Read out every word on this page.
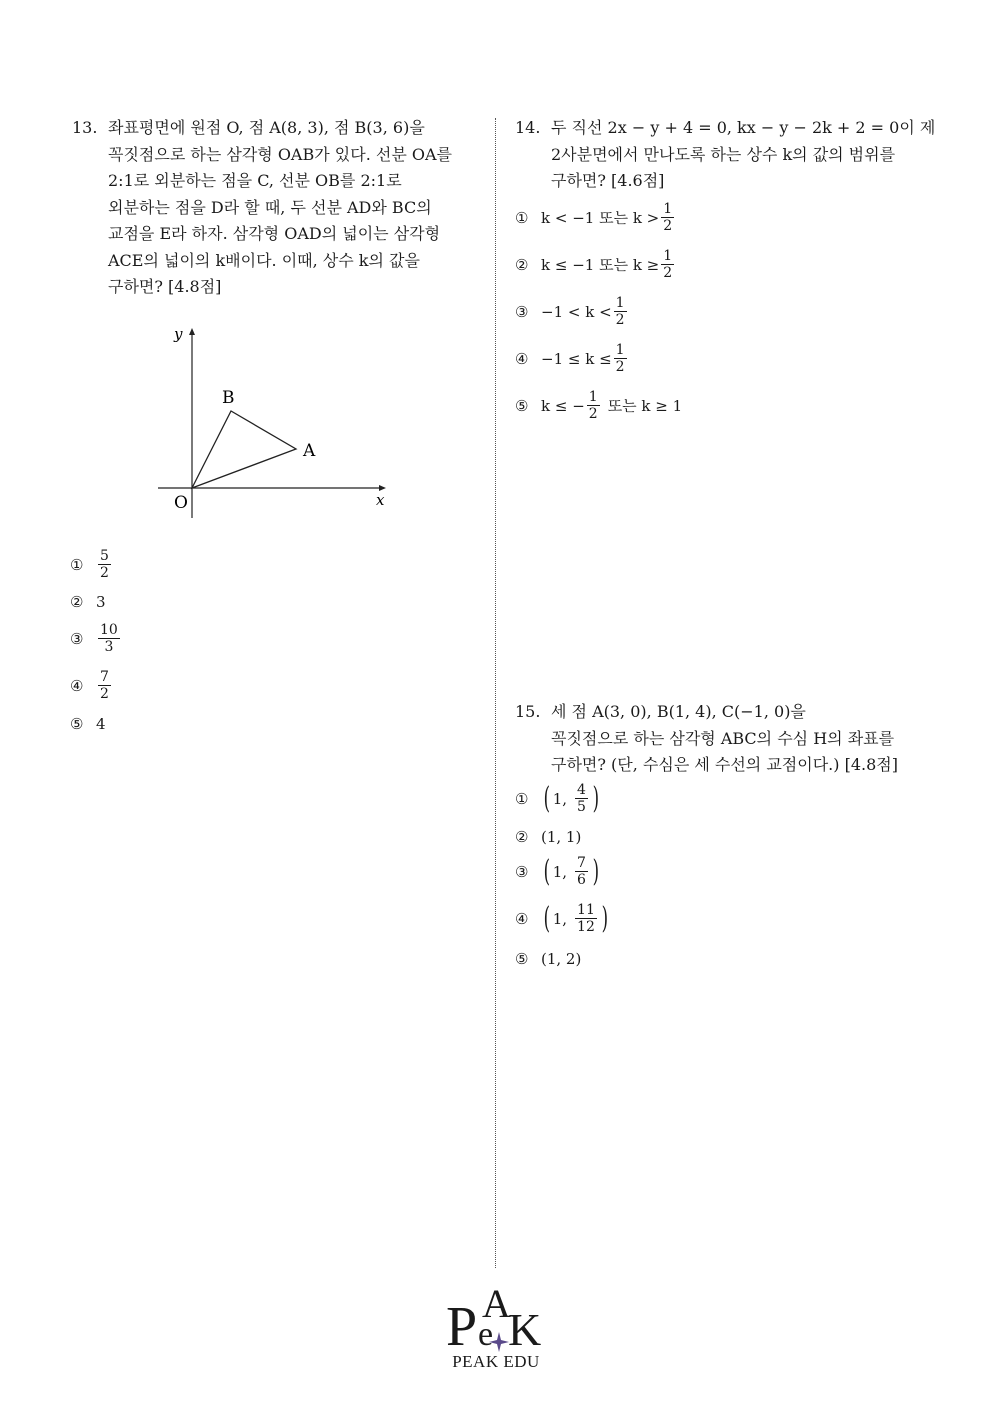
13. 좌표평면에 원점 O, 점 A(8, 3), 점 B(3, 6)을
꼭짓점으로 하는 삼각형 OAB가 있다. 선분 OA를
2:1로 외분하는 점을 C, 선분 OB를 2:1로
외분하는 점을 D라 할 때, 두 선분 AD와 BC의
교점을 E라 하자. 삼각형 OAD의 넓이는 삼각형
ACE의 넓이의 k배이다. 이때, 상수 k의 값을
구하면? [4.8점]
y
x
O
A
B
①	$\frac{5}{2}$
② 3
③	$\frac{10}{3}$
④	$\frac{7}{2}$
⑤ 4
14. 두 직선 2x − y + 4 = 0, kx − y − 2k + 2 = 0이 제
2사분면에서 만나도록 하는 상수 k의 값의 범위를
구하면? [4.6점]
① k < −1 또는 $k > \frac{1}{2}$
② k ≤ −1 또는 $k \ge \frac{1}{2}$
③ $-1 < k < \frac{1}{2}$
④ $-1 \le k \le \frac{1}{2}$
⑤ k ≤ − $\frac{1}{2}$ 또는 k ≥ 1
15. 세 점 A(3, 0), B(1, 4), C(−1, 0)을
꼭짓점으로 하는 삼각형 ABC의 수심 H의 좌표를
구하면? (단, 수심은 세 수선의 교점이다.) [4.8점]
① ( 1, $\frac{4}{5}$ )
② (1, 1)
③ ( 1, $\frac{7}{6}$ )
④ ( 1, $\frac{11}{12}$ )
⑤ (1, 2)
P e
A
K
PEAK EDU
